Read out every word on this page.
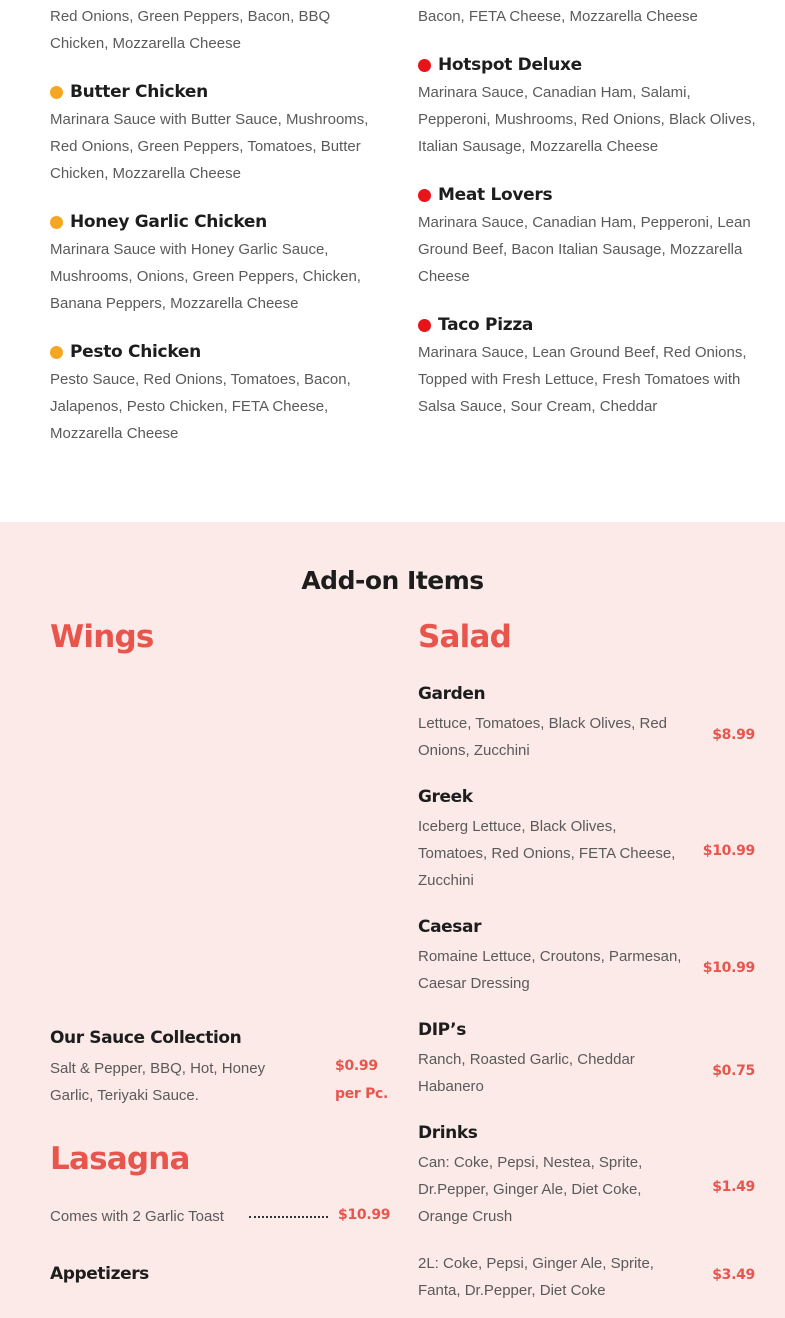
Red Onions, Green Peppers, Bacon, BBQ Chicken, Mozzarella Cheese

Butter Chicken

Marinara Sauce with Butter Sauce, Mushrooms, Red Onions, Green Peppers, Tomatoes, Butter Chicken, Mozzarella Cheese

Honey Garlic Chicken

Marinara Sauce with Honey Garlic Sauce, Mushrooms, Onions, Green Peppers, Chicken, Banana Peppers, Mozzarella Cheese

Pesto Chicken

Pesto Sauce, Red Onions, Tomatoes, Bacon, Jalapenos, Pesto Chicken, FETA Cheese, Mozzarella Cheese

Bacon, FETA Cheese, Mozzarella Cheese

Hotspot Deluxe

Marinara Sauce, Canadian Ham, Salami, Pepperoni, Mushrooms, Red Onions, Black Olives, Italian Sausage, Mozzarella Cheese

Meat Lovers

Marinara Sauce, Canadian Ham, Pepperoni, Lean Ground Beef, Bacon Italian Sausage, Mozzarella Cheese

Taco Pizza

Marinara Sauce, Lean Ground Beef, Red Onions, Topped with Fresh Lettuce, Fresh Tomatoes with Salsa Sauce, Sour Cream, Cheddar

Add-on Items
Wings
Our Sauce Collection

Salt & Pepper, BBQ, Hot, Honey Garlic, Teriyaki Sauce.

$0.99
per Pc.
Lasagna

Comes with 2 Garlic Toast	$10.99
Appetizers
Salad
Garden

Lettuce, Tomatoes, Black Olives, Red Onions, Zucchini

$8.99
Greek

Iceberg Lettuce, Black Olives, Tomatoes, Red Onions, FETA Cheese, Zucchini

$10.99
Caesar

Romaine Lettuce, Croutons, Parmesan, Caesar Dressing

$10.99
DIP’s

Ranch, Roasted Garlic, Cheddar Habanero

$0.75
Drinks

Can: Coke, Pepsi, Nestea, Sprite, Dr.Pepper, Ginger Ale, Diet Coke, Orange Crush

$1.49

2L: Coke, Pepsi, Ginger Ale, Sprite, Fanta, Dr.Pepper, Diet Coke

$3.49
